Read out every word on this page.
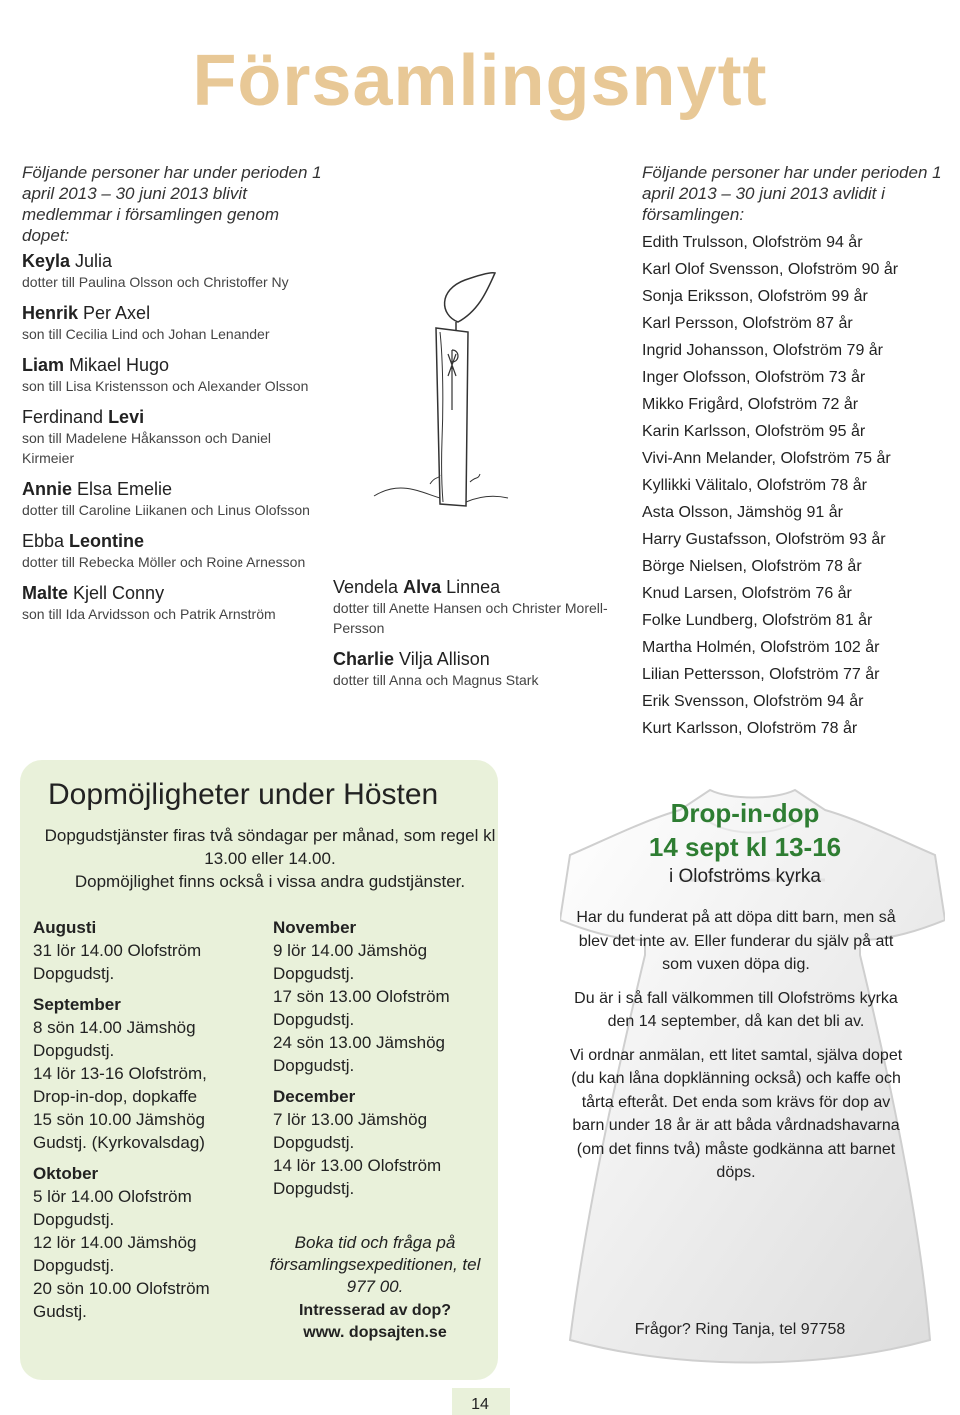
Församlingsnytt
Följande personer har under perioden 1 april 2013 – 30 juni 2013 blivit medlemmar i församlingen genom dopet:
Keyla Julia
dotter till Paulina Olsson och Christoffer Ny
Henrik Per Axel
son till Cecilia Lind och Johan Lenander
Liam Mikael Hugo
son till Lisa Kristensson och Alexander Olsson
Ferdinand Levi
son till Madelene Håkansson och Daniel Kirmeier
Annie Elsa Emelie
dotter till Caroline Liikanen och Linus Olofsson
Ebba Leontine
dotter till Rebecka Möller och Roine Arnesson
Malte Kjell Conny
son till Ida Arvidsson och Patrik Arnström
Vendela Alva Linnea
dotter till Anette Hansen och Christer Morell-Persson
Charlie Vilja Allison
dotter till Anna och Magnus Stark
Följande personer har under perioden 1 april 2013 – 30 juni 2013 avlidit i församlingen:
Edith Trulsson, Olofström 94 år
Karl Olof Svensson, Olofström 90 år
Sonja Eriksson, Olofström 99 år
Karl Persson, Olofström 87 år
Ingrid Johansson, Olofström 79 år
Inger Olofsson, Olofström 73 år
Mikko Frigård, Olofström 72 år
Karin Karlsson, Olofström 95 år
Vivi-Ann Melander, Olofström 75 år
Kyllikki Välitalo, Olofström 78 år
Asta Olsson, Jämshög 91 år
Harry Gustafsson, Olofström 93 år
Börge Nielsen, Olofström 78 år
Knud Larsen, Olofström 76 år
Folke Lundberg, Olofström 81 år
Martha Holmén, Olofström 102 år
Lilian Pettersson, Olofström 77 år
Erik Svensson, Olofström 94 år
Kurt Karlsson, Olofström 78 år
Dopmöjligheter under Hösten
Dopgudstjänster firas två söndagar per månad, som regel kl 13.00 eller 14.00.
Dopmöjlighet finns också i vissa andra gudstjänster.
Augusti
31 lör 14.00 Olofström
Dopgudstj.
September
8 sön 14.00 Jämshög
Dopgudstj.
14 lör 13-16 Olofström,
Drop-in-dop, dopkaffe
15 sön 10.00 Jämshög
Gudstj. (Kyrkovalsdag)
Oktober
5 lör 14.00 Olofström
Dopgudstj.
12 lör 14.00 Jämshög
Dopgudstj.
20 sön 10.00 Olofström
Gudstj.
November
9 lör 14.00 Jämshög
Dopgudstj.
17 sön 13.00 Olofström
Dopgudstj.
24 sön 13.00 Jämshög
Dopgudstj.
December
7 lör 13.00 Jämshög
Dopgudstj.
14 lör 13.00 Olofström
Dopgudstj.
Boka tid och fråga på församlingsexpeditionen, tel 977 00.
Intresserad av dop?
www. dopsajten.se
Drop-in-dop
14 sept kl 13-16
i Olofströms kyrka

Har du funderat på att döpa ditt barn, men så blev det inte av. Eller funderar du själv på att som vuxen döpa dig.

Du är i så fall välkommen till Olofströms kyrka den 14 september, då kan det bli av.

Vi ordnar anmälan, ett litet samtal, själva dopet (du kan låna dopklänning också) och kaffe och tårta efteråt. Det enda som krävs för dop av barn under 18 år är att båda vårdnadshavarna (om det finns två) måste godkänna att barnet döps.

Frågor? Ring Tanja, tel 97758
14
